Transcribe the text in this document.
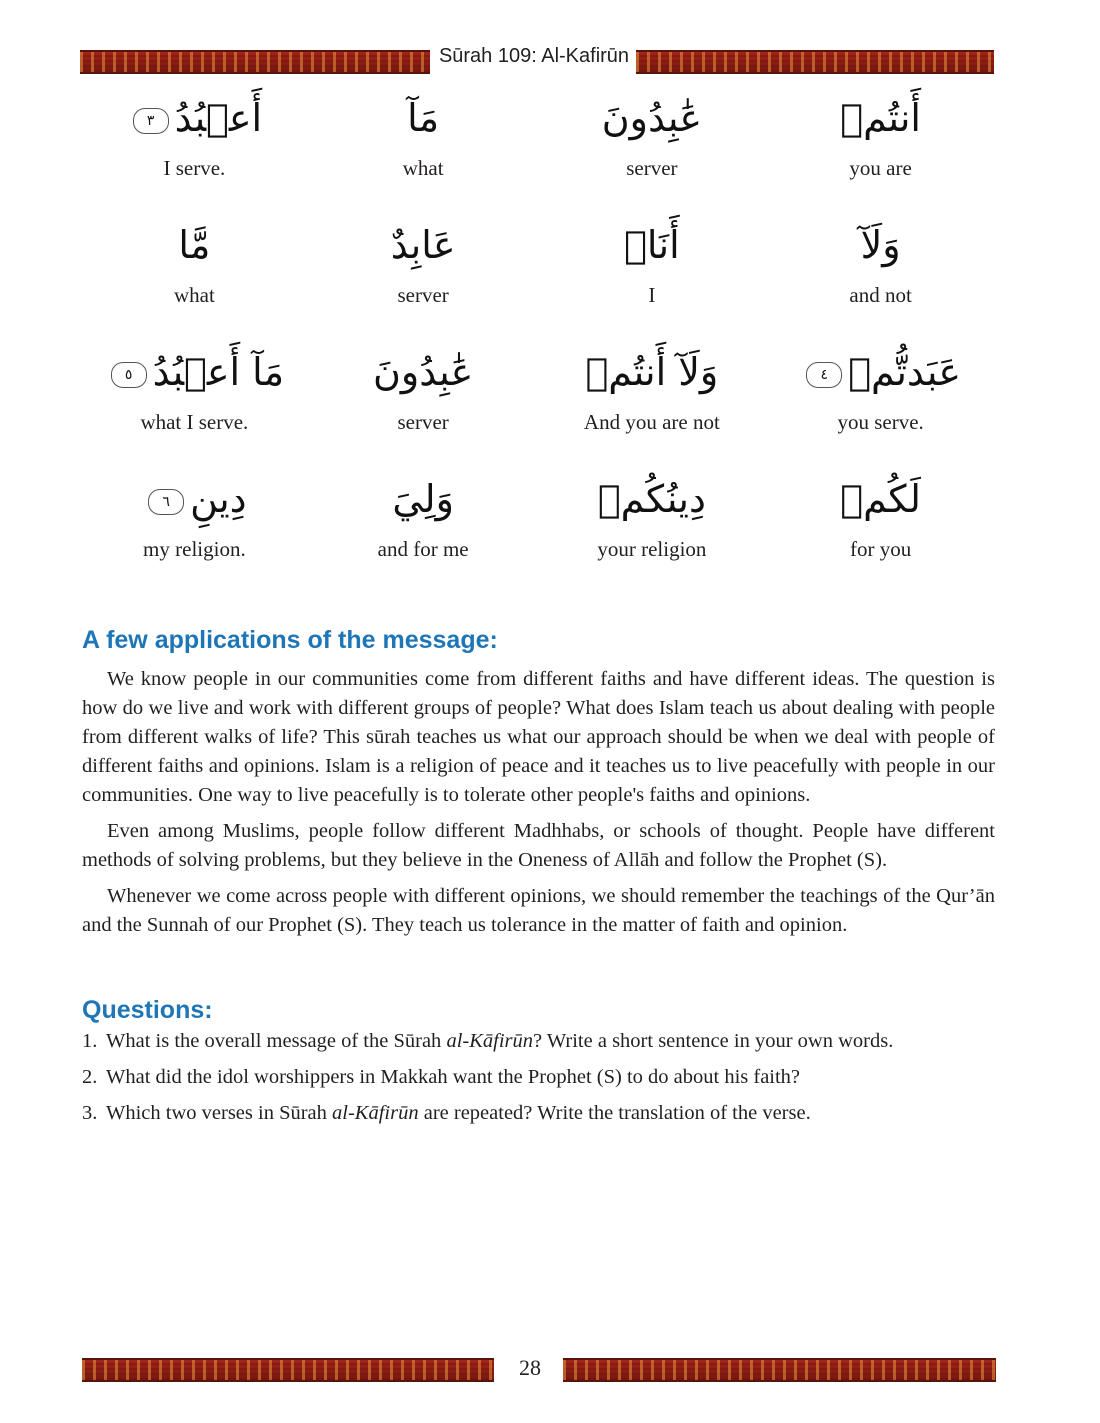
Sūrah 109: Al-Kafirūn
أَعۡبُدُ٣
I serve.
مَآ
what
عَٰبِدُونَ
server
أَنتُمۡ
you are
مَّا
what
عَابِدٌ
server
أَنَا۠
I
وَلَآ
and not
مَآ أَعۡبُدُ٥
what I serve.
عَٰبِدُونَ
server
وَلَآ أَنتُمۡ
And you are not
عَبَدتُّمۡ٤
you serve.
دِينِ٦
my religion.
وَلِيَ
and for me
دِينُكُمۡ
your religion
لَكُمۡ
for you
A few applications of the message:

We know people in our communities come from different faiths and have different ideas. The question is how do we live and work with different groups of people? What does Islam teach us about dealing with people from different walks of life? This sūrah teaches us what our approach should be when we deal with people of different faiths and opinions. Islam is a religion of peace and it teaches us to live peacefully with people in our communities. One way to live peacefully is to tolerate other people's faiths and opinions.

Even among Muslims, people follow different Madhhabs, or schools of thought. People have different methods of solving problems, but they believe in the Oneness of Allāh and follow the Prophet (S).

Whenever we come across people with different opinions, we should remember the teachings of the Qur’ān and the Sunnah of our Prophet (S). They teach us tolerance in the matter of faith and opinion.

Questions:
1. What is the overall message of the Sūrah al-Kāfirūn? Write a short sentence in your own words.
2. What did the idol worshippers in Makkah want the Prophet (S) to do about his faith?
3. Which two verses in Sūrah al-Kāfirūn are repeated? Write the translation of the verse.
28
